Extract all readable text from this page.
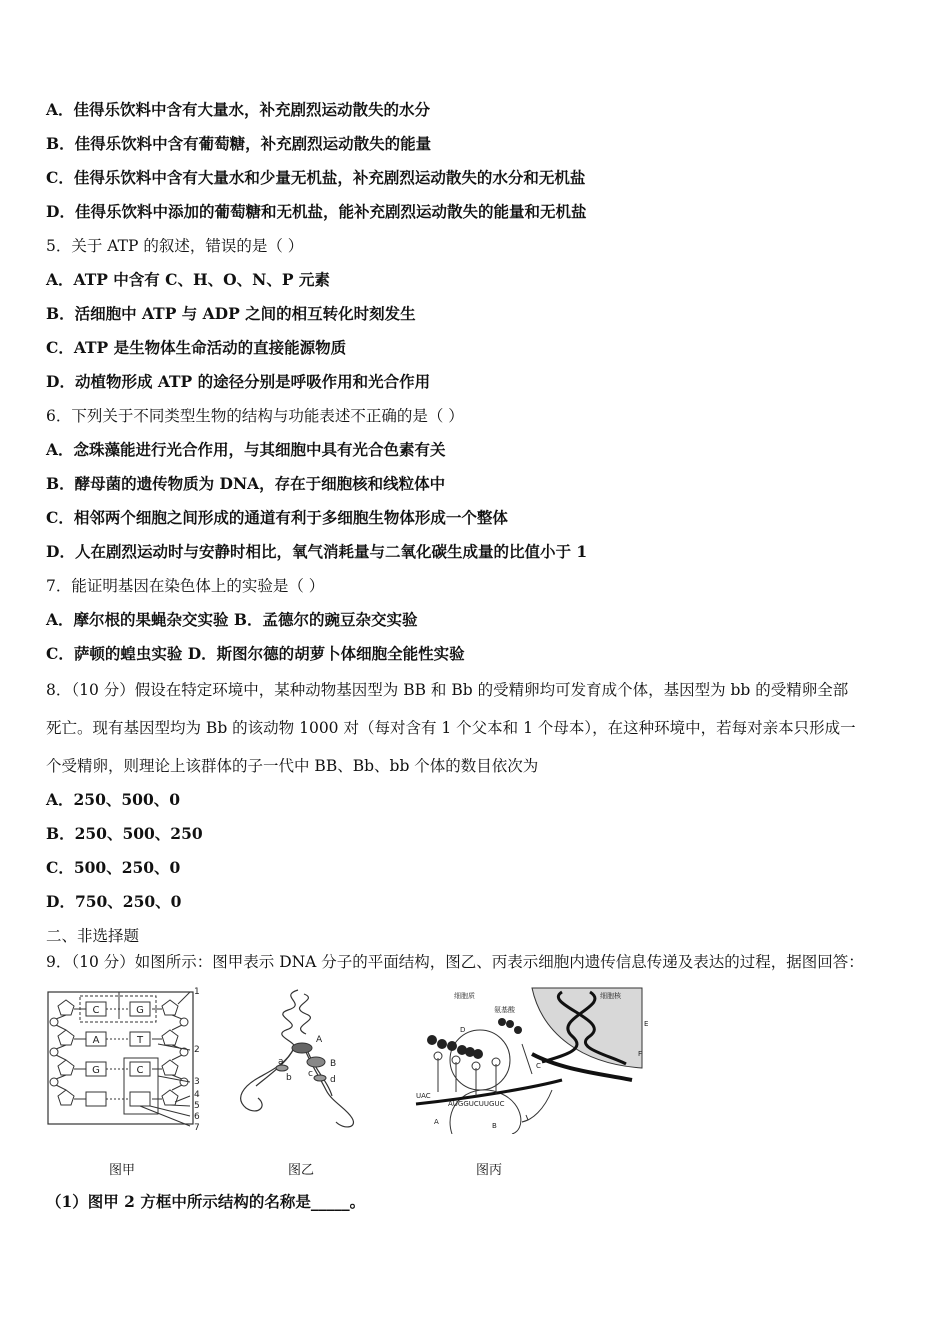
A．佳得乐饮料中含有大量水，补充剧烈运动散失的水分
B．佳得乐饮料中含有葡萄糖，补充剧烈运动散失的能量
C．佳得乐饮料中含有大量水和少量无机盐，补充剧烈运动散失的水分和无机盐
D．佳得乐饮料中添加的葡萄糖和无机盐，能补充剧烈运动散失的能量和无机盐
5．关于 ATP 的叙述，错误的是（ ）
A．ATP 中含有 C、H、O、N、P 元素
B．活细胞中 ATP 与 ADP 之间的相互转化时刻发生
C．ATP 是生物体生命活动的直接能源物质
D．动植物形成 ATP 的途径分别是呼吸作用和光合作用
6．下列关于不同类型生物的结构与功能表述不正确的是（ ）
A．念珠藻能进行光合作用，与其细胞中具有光合色素有关
B．酵母菌的遗传物质为 DNA，存在于细胞核和线粒体中
C．相邻两个细胞之间形成的通道有利于多细胞生物体形成一个整体
D．人在剧烈运动时与安静时相比，氧气消耗量与二氧化碳生成量的比值小于 1
7．能证明基因在染色体上的实验是（ ）
A．摩尔根的果蝇杂交实验 B．孟德尔的豌豆杂交实验
C．萨顿的蝗虫实验 D．斯图尔德的胡萝卜体细胞全能性实验
8．（10 分）假设在特定环境中，某种动物基因型为 BB 和 Bb 的受精卵均可发育成个体，基因型为 bb 的受精卵全部
死亡。现有基因型均为 Bb 的该动物 1000 对（每对含有 1 个父本和 1 个母本），在这种环境中，若每对亲本只形成一
个受精卵，则理论上该群体的子一代中 BB、Bb、bb 个体的数目依次为
A．250、500、0
B．250、500、250
C．500、250、0
D．750、250、0
二、非选择题
9．（10 分）如图所示：图甲表示 DNA 分子的平面结构，图乙、丙表示细胞内遗传信息传递及表达的过程，据图回答：
（1）图甲 2 方框中所示结构的名称是_____。
C	G
A	T
G	C
1
2
3
4
5
6
7
图甲
A
B
a
b c
d
图乙
细胞质
氨基酸
细胞核
D
C
E
F
A	B
UAC
AUGGUCUUGUC
图丙
